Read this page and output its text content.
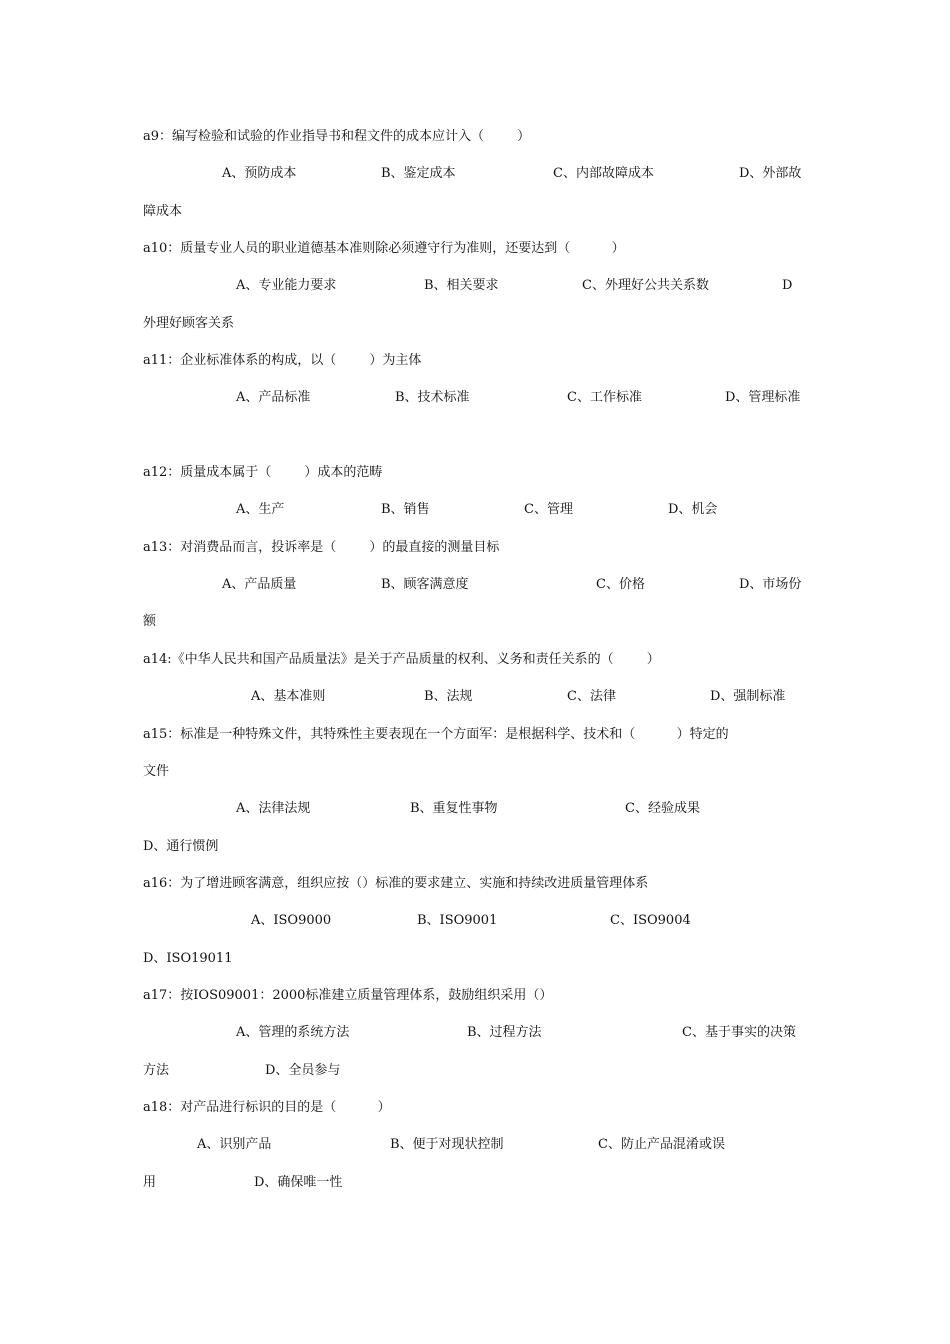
a9：编写检验和试验的作业指导书和程文件的成本应计入（        ）
A、预防成本	B、鉴定成本	C、内部故障成本	D、外部故
障成本
a10：质量专业人员的职业道德基本准则除必须遵守行为准则，还要达到（          ）
A、专业能力要求	B、相关要求	C、外理好公共关系数	D
外理好顾客关系
a11：企业标准体系的构成，以（        ）为主体
A、产品标准	B、技术标准	C、工作标准	D、管理标准
a12：质量成本属于（        ）成本的范畴
A、生产	B、销售	C、管理	D、机会
a13：对消费品而言，投诉率是（        ）的最直接的测量目标
A、产品质量	B、顾客满意度	C、价格	D、市场份
额
a14:《中华人民共和国产品质量法》是关于产品质量的权利、义务和责任关系的（        ）
A、基本准则	B、法规	C、法律	D、强制标准
a15：标准是一种特殊文件，其特殊性主要表现在一个方面军：是根据科学、技术和（          ）特定的
文件
A、法律法规	B、重复性事物	C、经验成果
D、通行惯例
a16：为了增进顾客满意，组织应按（）标准的要求建立、实施和持续改进质量管理体系
A、ISO9000	B、ISO9001	C、ISO9004
D、ISO19011
a17：按IOS09001：2000标准建立质量管理体系，鼓励组织采用（）
A、管理的系统方法	B、过程方法	C、基于事实的决策
方法	D、全员参与
a18：对产品进行标识的目的是（          ）
A、识别产品	B、便于对现状控制	C、防止产品混淆或误
用	D、确保唯一性
